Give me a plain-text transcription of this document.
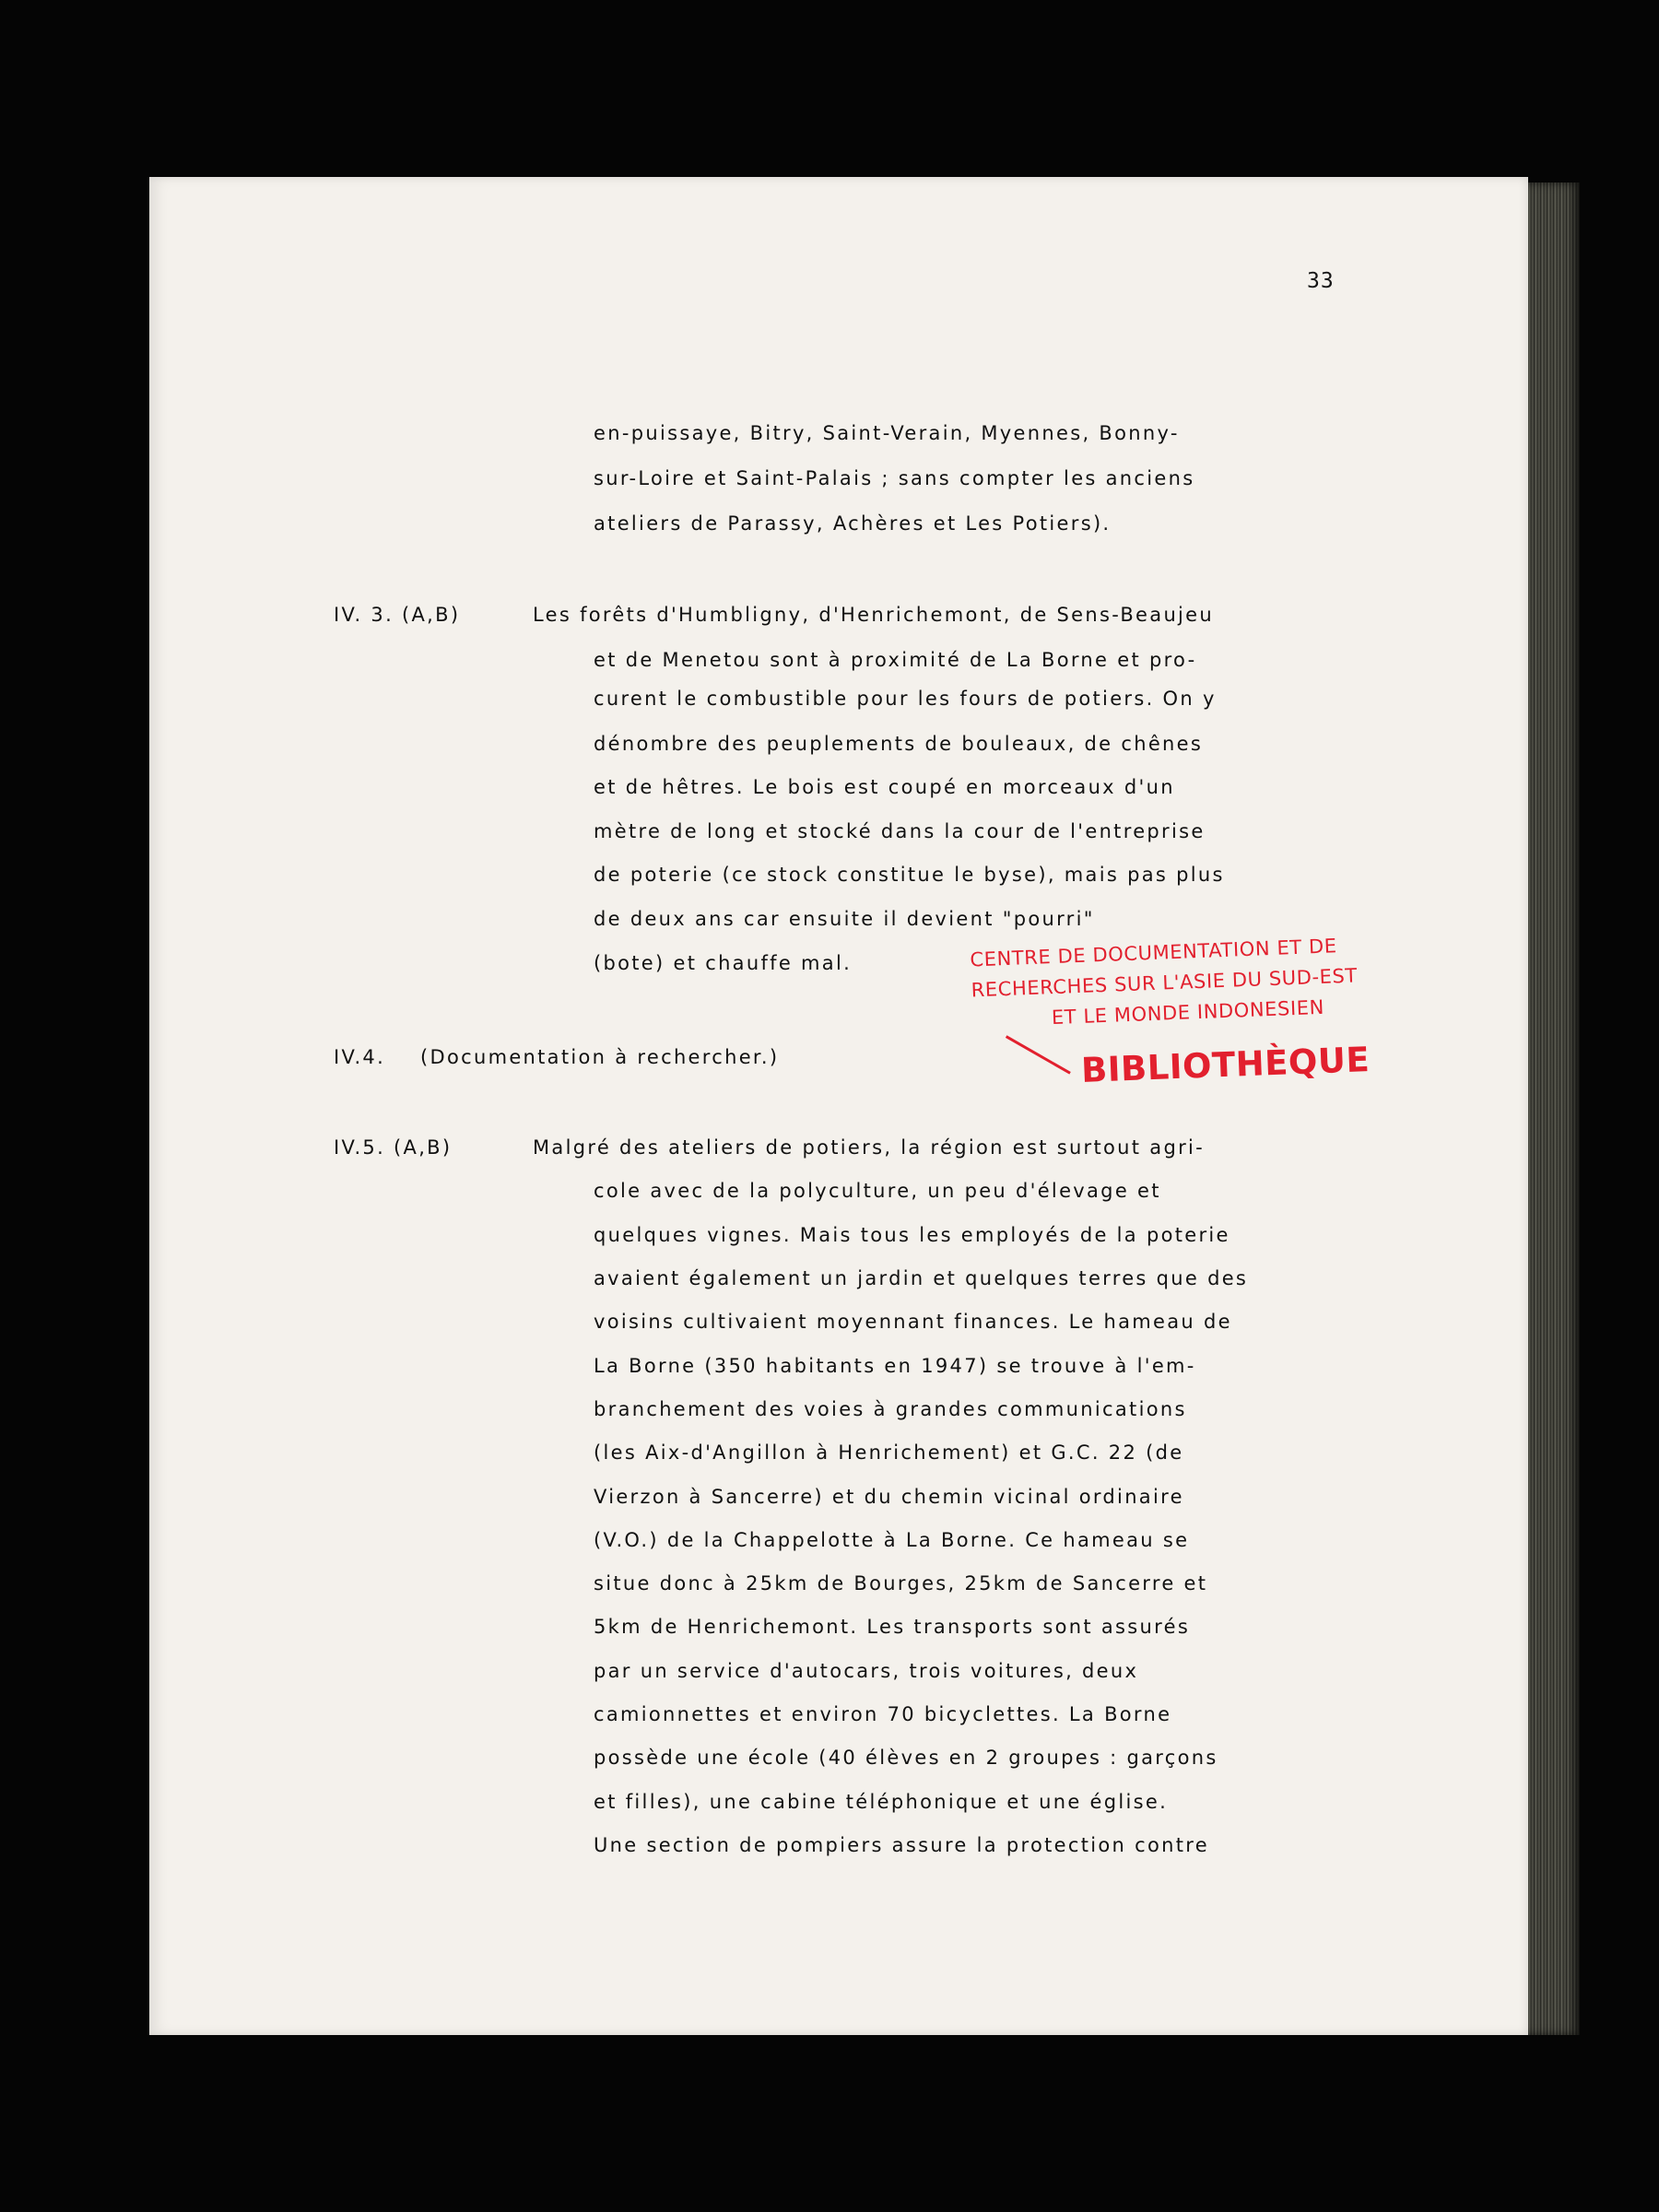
33
en-puissaye, Bitry, Saint-Verain, Myennes, Bonny-
sur-Loire et Saint-Palais ; sans compter les anciens
ateliers de Parassy, Achères et Les Potiers).
IV. 3. (A,B)	Les forêts d'Humbligny, d'Henrichemont, de Sens-Beaujeu
et de Menetou sont à proximité de La Borne et pro-
curent le combustible pour les fours de potiers. On y
dénombre des peuplements de bouleaux, de chênes
et de hêtres. Le bois est coupé en morceaux d'un
mètre de long et stocké dans la cour de l'entreprise
de poterie (ce stock constitue le byse), mais pas plus
de deux ans car ensuite il devient "pourri"
(bote) et chauffe mal.
IV.4. (Documentation à rechercher.)
IV.5. (A,B)	Malgré des ateliers de potiers, la région est surtout agri-
cole avec de la polyculture, un peu d'élevage et
quelques vignes. Mais tous les employés de la poterie
avaient également un jardin et quelques terres que des
voisins cultivaient moyennant finances. Le hameau de
La Borne (350 habitants en 1947) se trouve à l'em-
branchement des voies à grandes communications
(les Aix-d'Angillon à Henrichement) et G.C. 22 (de
Vierzon à Sancerre) et du chemin vicinal ordinaire
(V.O.) de la Chappelotte à La Borne. Ce hameau se
situe donc à 25km de Bourges, 25km de Sancerre et
5km de Henrichemont. Les transports sont assurés
par un service d'autocars, trois voitures, deux
camionnettes et environ 70 bicyclettes. La Borne
possède une école (40 élèves en 2 groupes : garçons
et filles), une cabine téléphonique et une église.
Une section de pompiers assure la protection contre
CENTRE DE DOCUMENTATION ET DE
RECHERCHES SUR L'ASIE DU SUD-EST
ET LE MONDE INDONESIEN
BIBLIOTHÈQUE
